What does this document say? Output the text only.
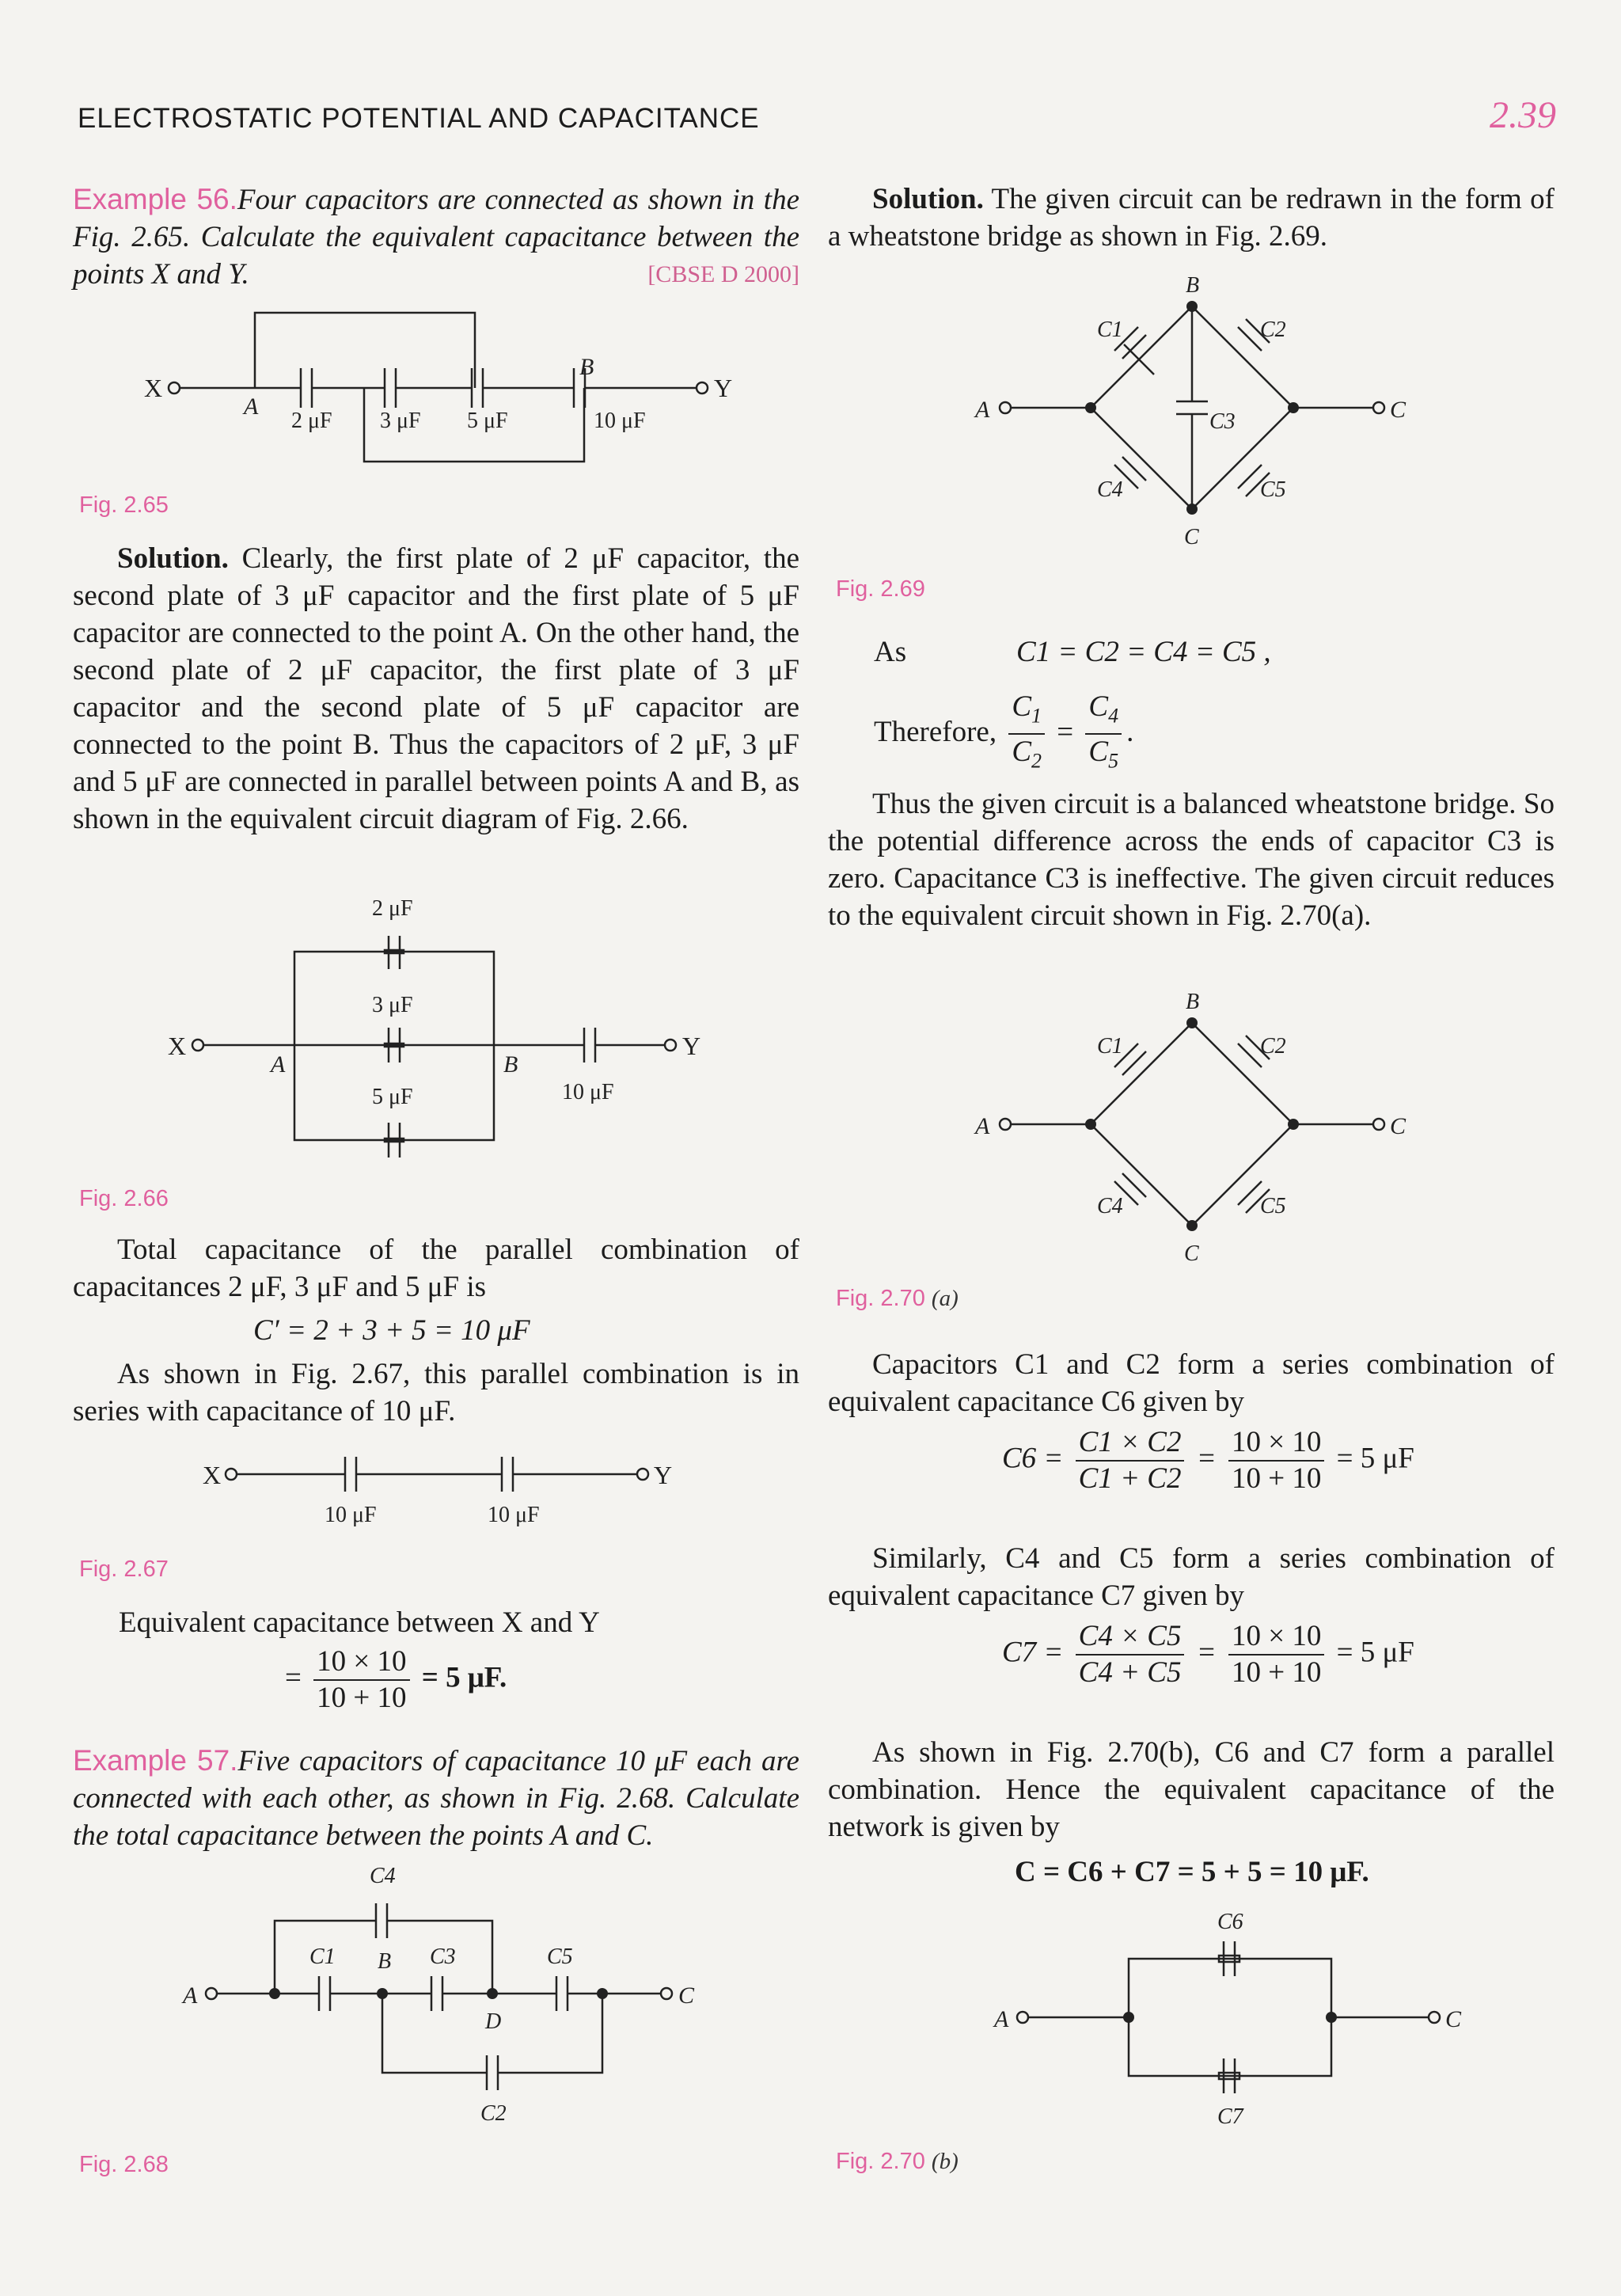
ELECTROSTATIC POTENTIAL AND CAPACITANCE	2.39

Example 56.Four capacitors are connected as shown in the Fig. 2.65. Calculate the equivalent capacitance between the points X and Y.	[CBSE D 2000]

X
A
B
Y
2 μF 3 μF 5 μF	10 μF
Fig. 2.65

Solution. Clearly, the first plate of 2 μF capacitor, the second plate of 3 μF capacitor and the first plate of 5 μF capacitor are connected to the point A. On the other hand, the second plate of 2 μF capacitor, the first plate of 3 μF capacitor and the second plate of 5 μF capacitor are connected to the point B. Thus the capacitors of 2 μF, 3 μF and 5 μF are connected in parallel between points A and B, as shown in the equivalent circuit diagram of Fig. 2.66.

2 μF
3 μF
X
A	B
Y
5 μF	10 μF
Fig. 2.66

Total capacitance of the parallel combination of capacitances 2 μF, 3 μF and 5 μF is

C′ = 2 + 3 + 5 = 10 μF

As shown in Fig. 2.67, this parallel combination is in series with capacitance of 10 μF.

X	Y
10 μF	10 μF
Fig. 2.67

Equivalent capacitance between X and Y

= $\frac{10 \times 10}{10 + 10} = 5$ μF.

Example 57.Five capacitors of capacitance 10 μF each are connected with each other, as shown in Fig. 2.68. Calculate the total capacitance between the points A and C.

C4
C1 B C3	C5
A
D
C
C2
Fig. 2.68

Solution. The given circuit can be redrawn in the form of a wheatstone bridge as shown in Fig. 2.69.

B
C1	C2
A	C3	C
C4	C5
C
Fig. 2.69

As	C1 = C2 = C4 = C5 ,

Therefore, $\frac{C_1}{C_2} = \frac{C_4}{C_5}$ .

Thus the given circuit is a balanced wheatstone bridge. So the potential difference across the ends of capacitor C3 is zero. Capacitance C3 is ineffective. The given circuit reduces to the equivalent circuit shown in Fig. 2.70(a).

B
C1	C2
A	C
C4	C5
C
Fig. 2.70 (a)

Capacitors C1 and C2 form a series combination of equivalent capacitance C6 given by

$C6 = \frac{C1 \times C2}{C1 + C2} = \frac{10 \times 10}{10 + 10} = 5$ μF

Similarly, C4 and C5 form a series combination of equivalent capacitance C7 given by

$C7 = \frac{C4 \times C5}{C4 + C5} = \frac{10 \times 10}{10 + 10} = 5$ μF

As shown in Fig. 2.70(b), C6 and C7 form a parallel combination. Hence the equivalent capacitance of the network is given by

C = C6 + C7 = 5 + 5 = 10 μF.

C6
A	C
C7
Fig. 2.70 (b)
